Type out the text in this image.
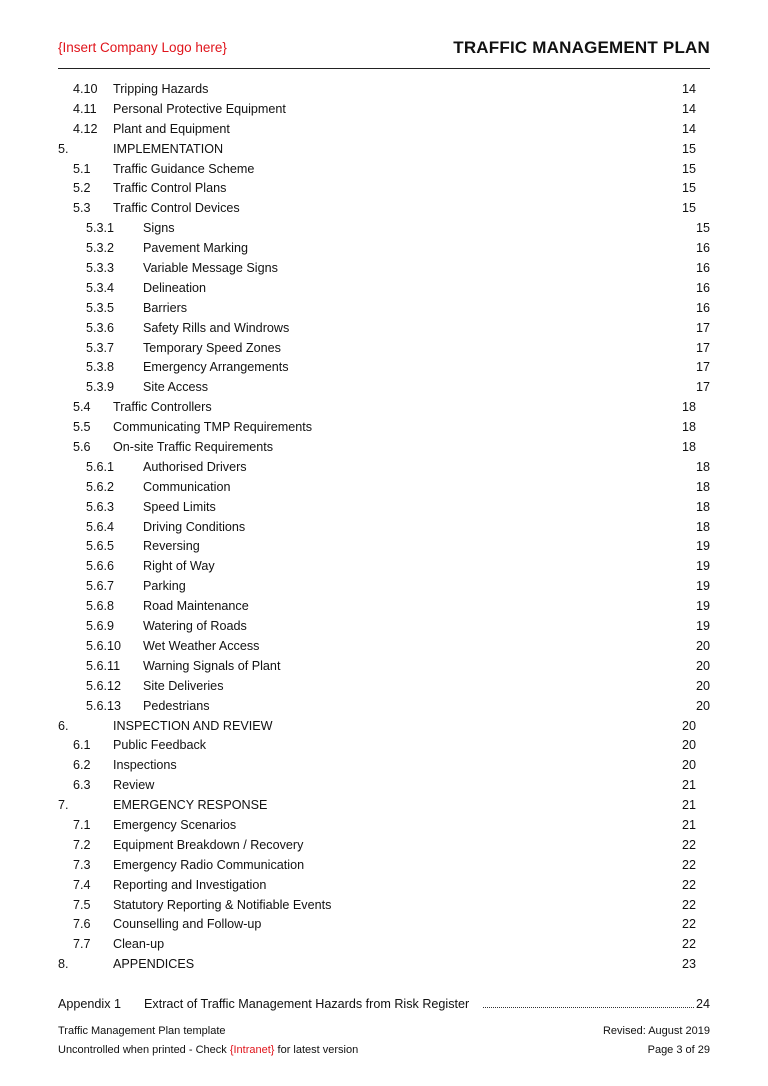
{Insert Company Logo here}	TRAFFIC MANAGEMENT PLAN
4.10 Tripping Hazards	14
4.11 Personal Protective Equipment	14
4.12 Plant and Equipment	14
5.	IMPLEMENTATION	15
5.1 Traffic Guidance Scheme	15
5.2 Traffic Control Plans	15
5.3 Traffic Control Devices	15
5.3.1 Signs	15
5.3.2 Pavement Marking	16
5.3.3 Variable Message Signs	16
5.3.4 Delineation	16
5.3.5 Barriers	16
5.3.6 Safety Rills and Windrows	17
5.3.7 Temporary Speed Zones	17
5.3.8 Emergency Arrangements	17
5.3.9 Site Access	17
5.4 Traffic Controllers	18
5.5 Communicating TMP Requirements	18
5.6 On-site Traffic Requirements	18
5.6.1 Authorised Drivers	18
5.6.2 Communication	18
5.6.3 Speed Limits	18
5.6.4 Driving Conditions	18
5.6.5 Reversing	19
5.6.6 Right of Way	19
5.6.7 Parking	19
5.6.8 Road Maintenance	19
5.6.9 Watering of Roads	19
5.6.10 Wet Weather Access	20
5.6.11 Warning Signals of Plant	20
5.6.12 Site Deliveries	20
5.6.13 Pedestrians	20
6.	INSPECTION AND REVIEW	20
6.1 Public Feedback	20
6.2 Inspections	20
6.3 Review	21
7.	EMERGENCY RESPONSE	21
7.1 Emergency Scenarios	21
7.2 Equipment Breakdown / Recovery	22
7.3 Emergency Radio Communication	22
7.4 Reporting and Investigation	22
7.5 Statutory Reporting & Notifiable Events	22
7.6 Counselling and Follow-up	22
7.7 Clean-up	22
8.	APPENDICES	23
Appendix 1 Extract of Traffic Management Hazards from Risk Register	24
Traffic Management Plan template	Revised: August 2019
Uncontrolled when printed - Check {Intranet} for latest version	Page 3 of 29
